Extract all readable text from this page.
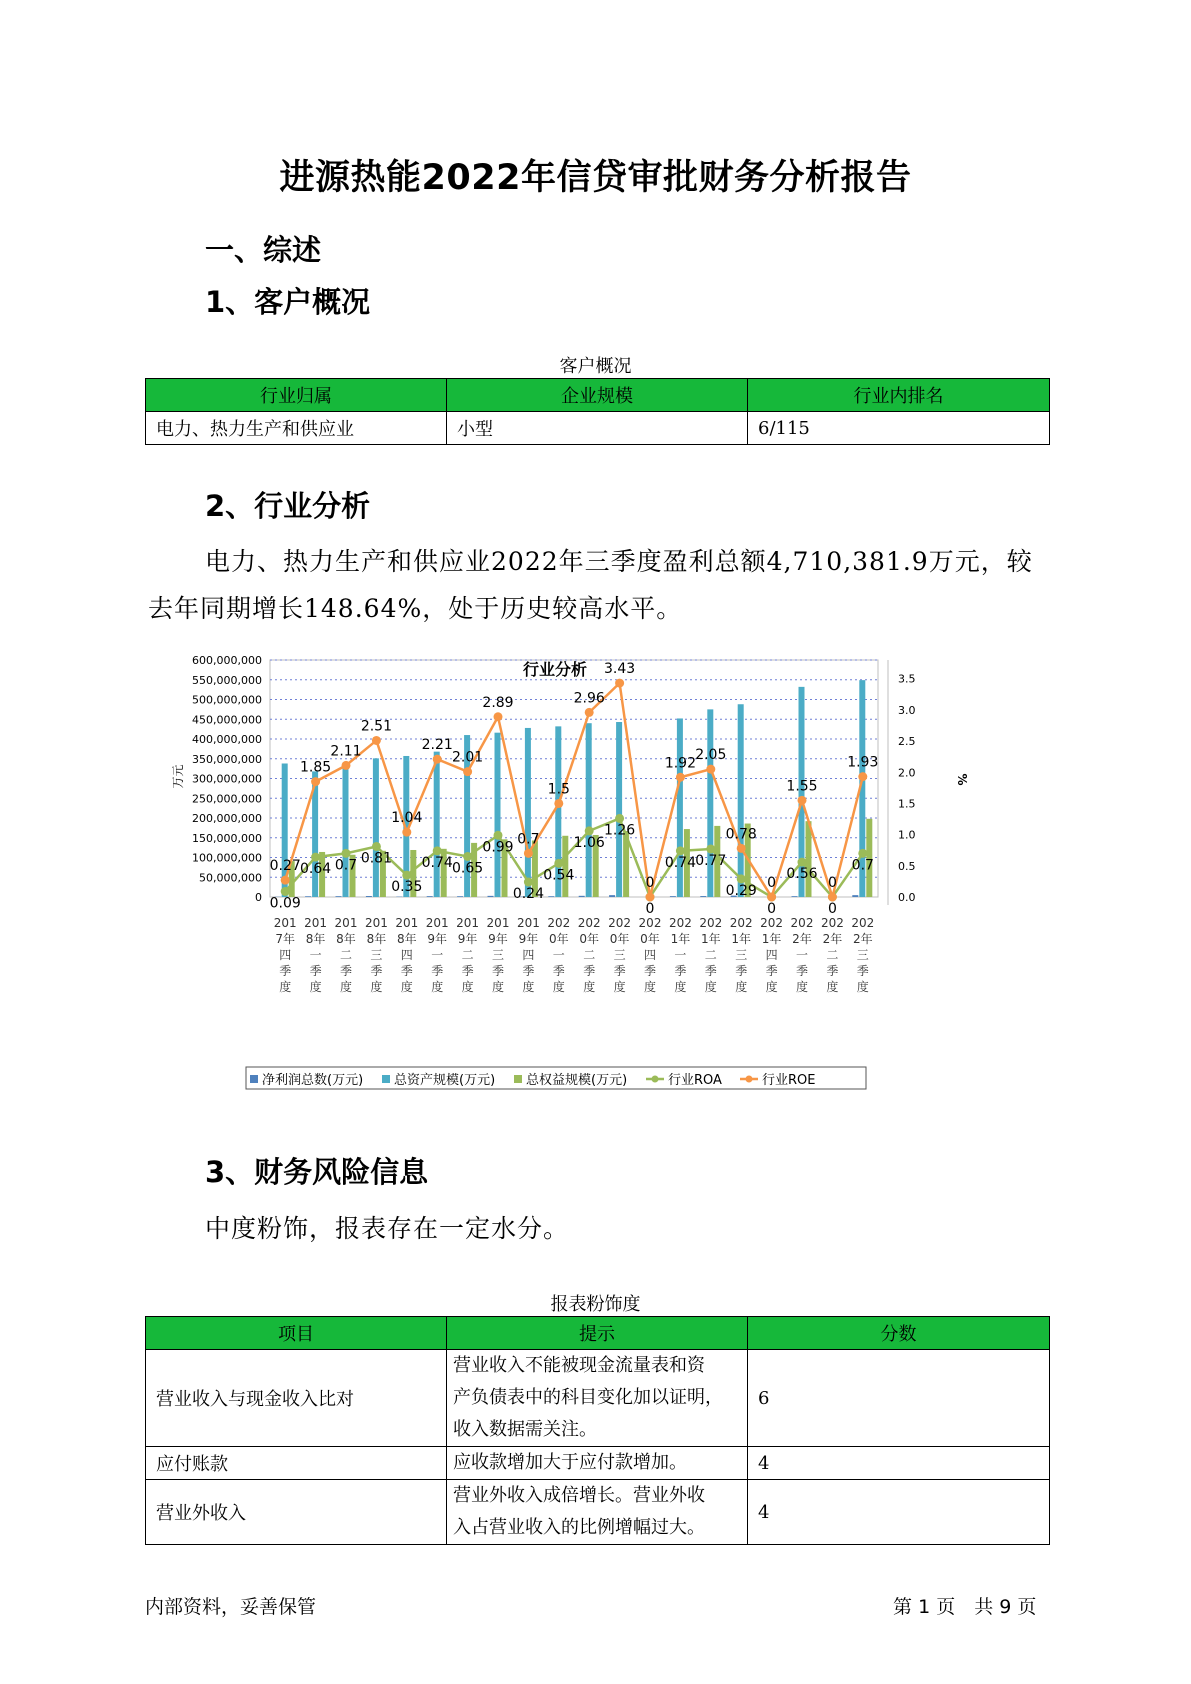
进源热能2022年信贷审批财务分析报告
一、综述
1、客户概况
客户概况
行业归属	企业规模	行业内排名
电力、热力生产和供应业	小型	6/115
2、行业分析
电力、热力生产和供应业2022年三季度盈利总额4,710,381.9万元，较
去年同期增长148.64%，处于历史较高水平。
行业分析
0
50,000,000
100,000,000
150,000,000
200,000,000
250,000,000
300,000,000
350,000,000
400,000,000
450,000,000
500,000,000
550,000,000
600,000,000
0.0
0.5
1.0
1.5
2.0
2.5
3.0
3.5
万元	%
0.09
0.64 0.7 0.81
0.35
0.74 0.65
0.99
0.24
0.54
1.06
1.26
0
0.74 0.77
0.29
0
0.56
0
0.7
0.27
1.85
2.11
2.51
1.04
2.21
2.01
2.89
0.7
1.5
2.96
3.43
0
1.92
2.05
0.78
0
1.55
0
1.93
201
7年
四
季
度
201
8年
一
季
度
201
8年
二
季
度
201
8年
三
季
度
201
8年
四
季
度
201
9年
一
季
度
201
9年
二
季
度
201
9年
三
季
度
201
9年
四
季
度
202
0年
一
季
度
202
0年
二
季
度
202
0年
三
季
度
202
0年
四
季
度
202
1年
一
季
度
202
1年
二
季
度
202
1年
三
季
度
202
1年
四
季
度
202
2年
一
季
度
202
2年
二
季
度
202
2年
三
季
度
净利润总数(万元) 总资产规模(万元) 总权益规模(万元)	行业ROA	行业ROE
3、财务风险信息
中度粉饰，报表存在一定水分。
报表粉饰度
项目	提示	分数
营业收入与现金收入比对	营业收入不能被现金流量表和资
产负债表中的科目变化加以证明，
收入数据需关注。	6
应付账款	应收款增加大于应付款增加。	4
营业外收入	营业外收入成倍增长。营业外收
入占营业收入的比例增幅过大。	4
内部资料，妥善保管	第 1 页　共 9 页
